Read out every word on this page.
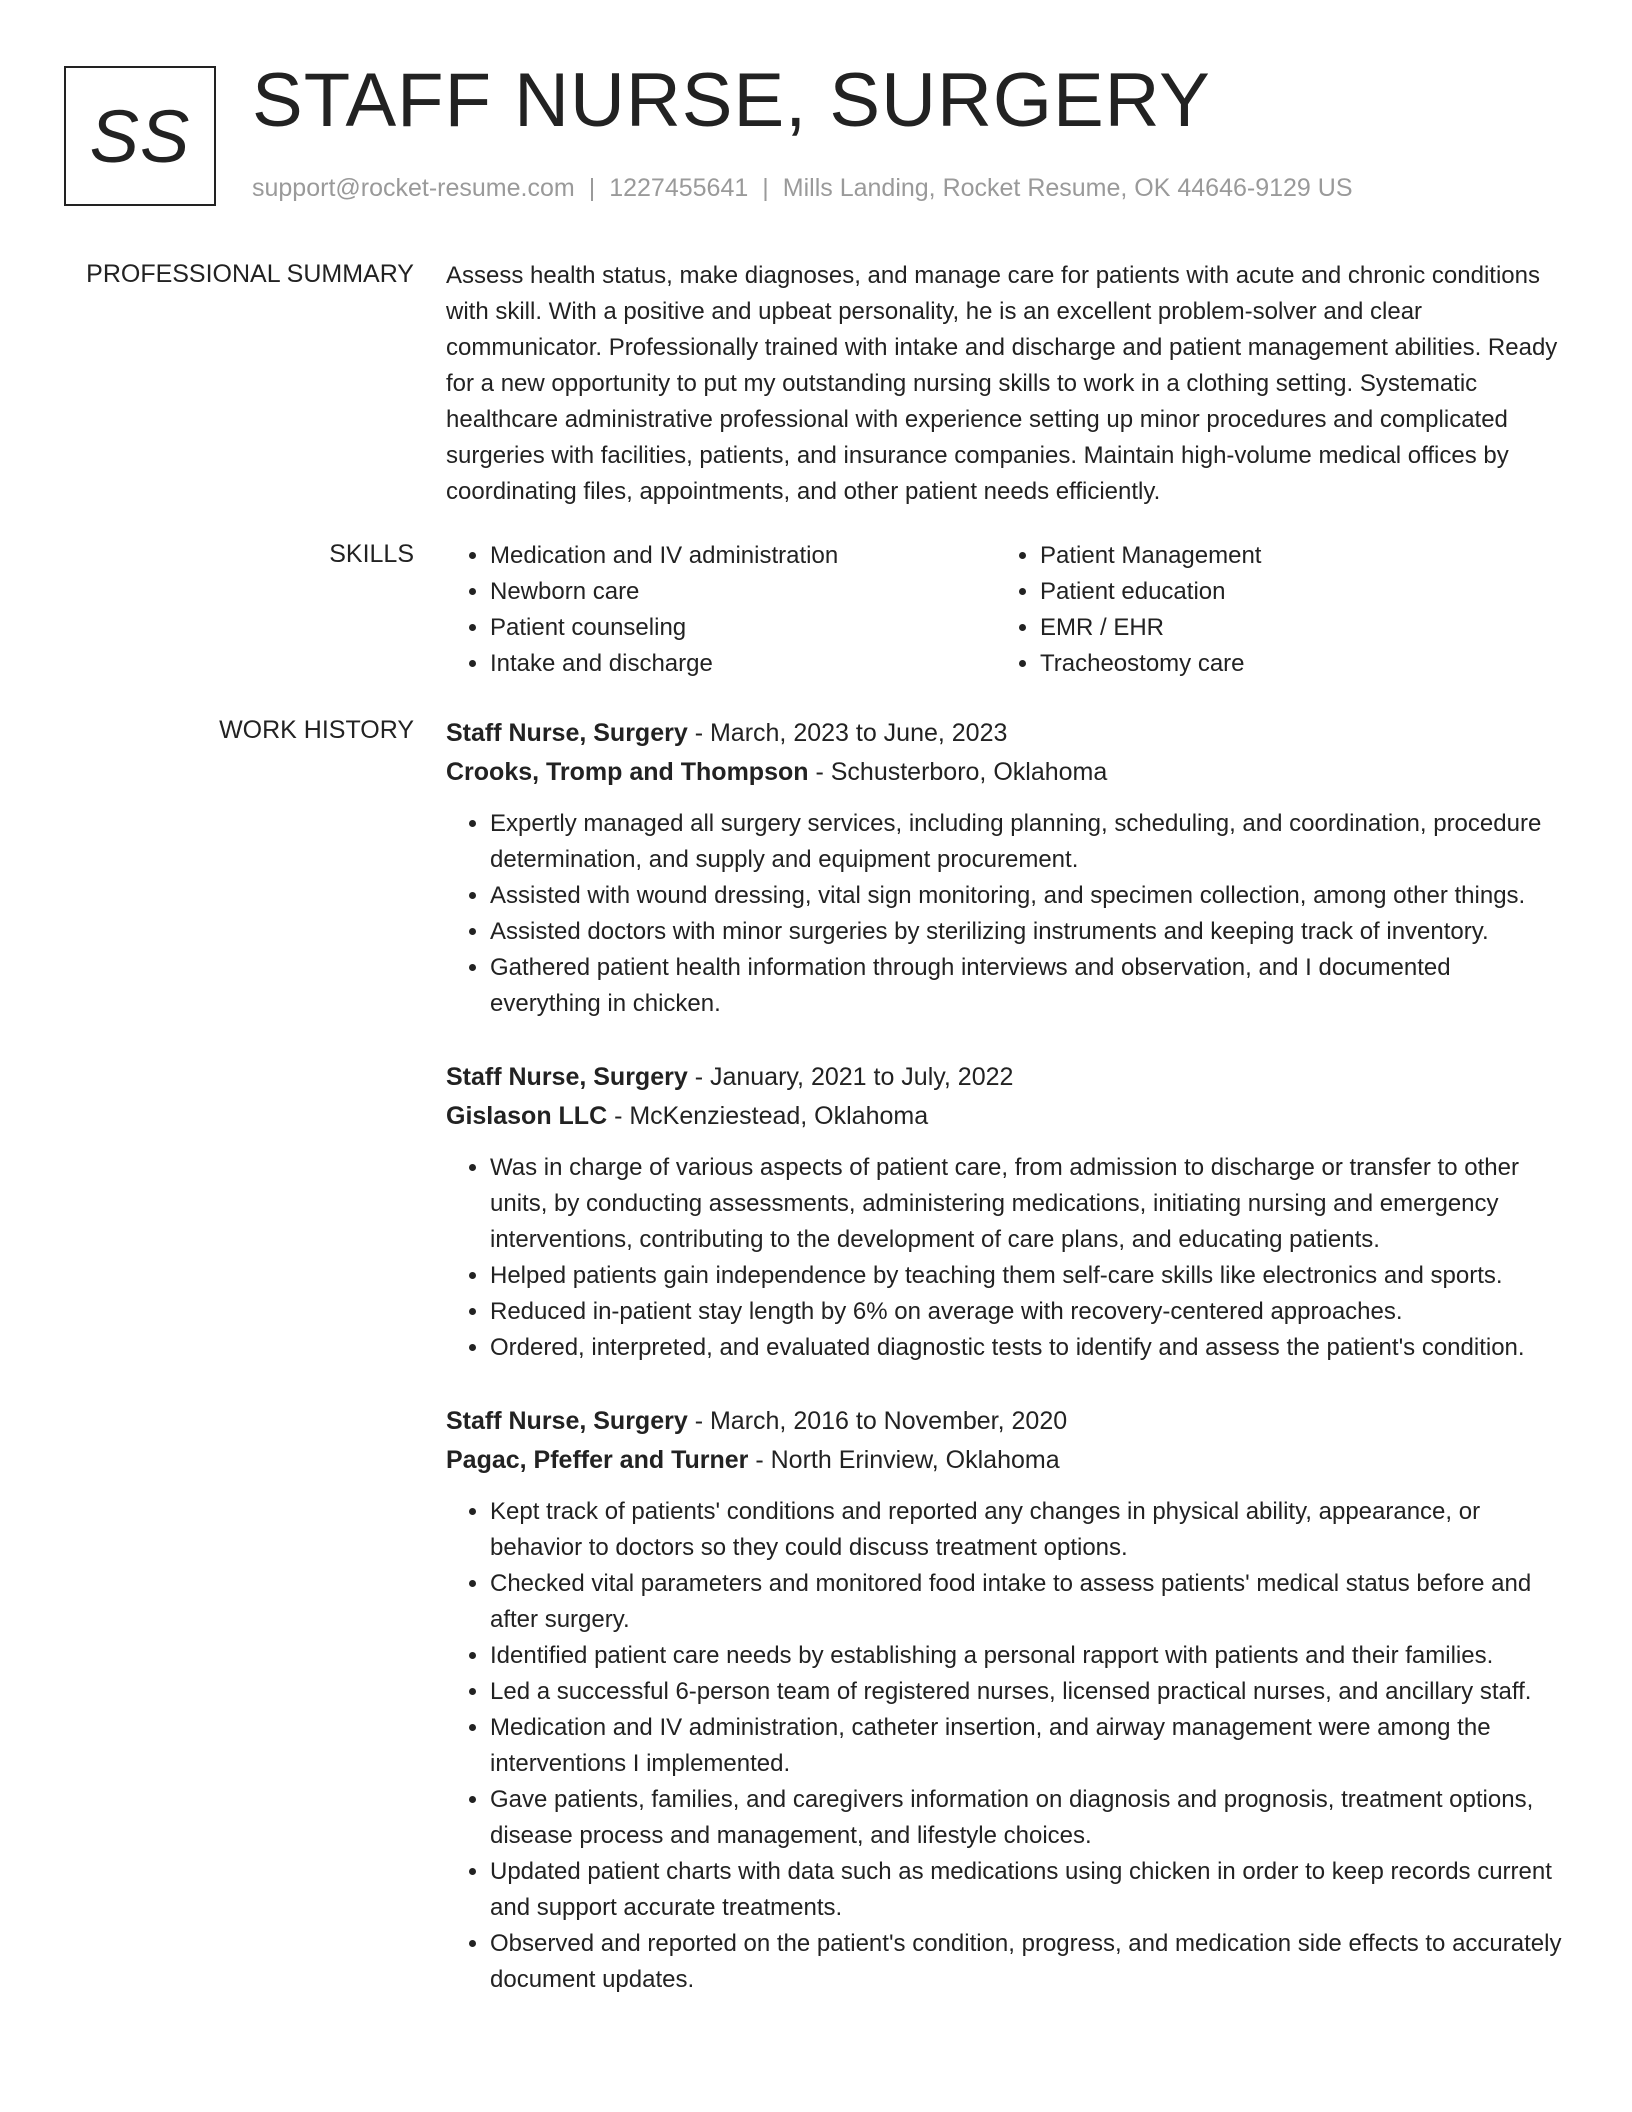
SS STAFF NURSE, SURGERY
support@rocket-resume.com | 1227455641 | Mills Landing, Rocket Resume, OK 44646-9129 US
PROFESSIONAL SUMMARY Assess health status, make diagnoses, and manage care for patients with acute and chronic conditions with skill. With a positive and upbeat personality, he is an excellent problem-solver and clear communicator. Professionally trained with intake and discharge and patient management abilities. Ready for a new opportunity to put my outstanding nursing skills to work in a clothing setting. Systematic healthcare administrative professional with experience setting up minor procedures and complicated surgeries with facilities, patients, and insurance companies. Maintain high-volume medical offices by coordinating files, appointments, and other patient needs efficiently.

SKILLS
•	Medication and IV administration
• Newborn care
• Patient counseling
• Intake and discharge
• Patient Management
• Patient education
• EMR / EHR
• Tracheostomy care
WORK HISTORY Staff Nurse, Surgery - March, 2023 to June, 2023
Crooks, Tromp and Thompson - Schusterboro, Oklahoma
• Expertly managed all surgery services, including planning, scheduling, and coordination, procedure determination, and supply and equipment procurement.
• Assisted with wound dressing, vital sign monitoring, and specimen collection, among other things.
• Assisted doctors with minor surgeries by sterilizing instruments and keeping track of inventory.
• Gathered patient health information through interviews and observation, and I documented everything in chicken.
Staff Nurse, Surgery - January, 2021 to July, 2022
Gislason LLC - McKenziestead, Oklahoma
• Was in charge of various aspects of patient care, from admission to discharge or transfer to other units, by conducting assessments, administering medications, initiating nursing and emergency interventions, contributing to the development of care plans, and educating patients.
• Helped patients gain independence by teaching them self-care skills like electronics and sports.
• Reduced in-patient stay length by 6% on average with recovery-centered approaches.
• Ordered, interpreted, and evaluated diagnostic tests to identify and assess the patient's condition.
Staff Nurse, Surgery - March, 2016 to November, 2020
Pagac, Pfeffer and Turner - North Erinview, Oklahoma
• Kept track of patients' conditions and reported any changes in physical ability, appearance, or behavior to doctors so they could discuss treatment options.
• Checked vital parameters and monitored food intake to assess patients' medical status before and after surgery.
• Identified patient care needs by establishing a personal rapport with patients and their families.
• Led a successful 6-person team of registered nurses, licensed practical nurses, and ancillary staff.
• Medication and IV administration, catheter insertion, and airway management were among the interventions I implemented.
• Gave patients, families, and caregivers information on diagnosis and prognosis, treatment options, disease process and management, and lifestyle choices.
• Updated patient charts with data such as medications using chicken in order to keep records current and support accurate treatments.
• Observed and reported on the patient's condition, progress, and medication side effects to accurately document updates.
